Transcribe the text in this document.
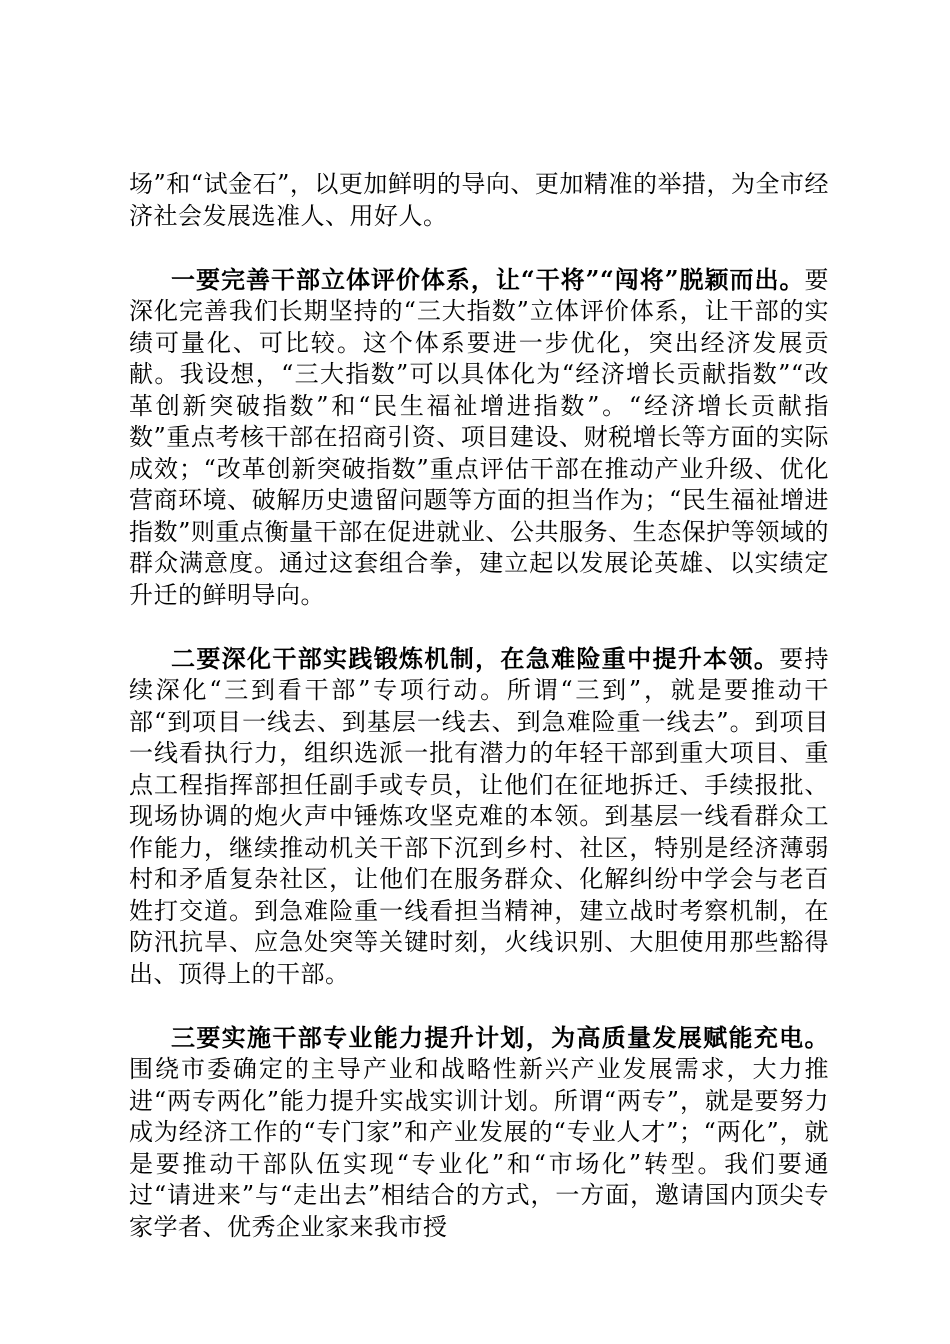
场”和“试金石”，以更加鲜明的导向、更加精准的举措，为全市经济社会发展选准人、用好人。

一要完善干部立体评价体系，让“干将”“闯将”脱颖而出。要深化完善我们长期坚持的“三大指数”立体评价体系，让干部的实绩可量化、可比较。这个体系要进一步优化，突出经济发展贡献。我设想，“三大指数”可以具体化为“经济增长贡献指数”“改革创新突破指数”和“民生福祉增进指数”。“经济增长贡献指数”重点考核干部在招商引资、项目建设、财税增长等方面的实际成效；“改革创新突破指数”重点评估干部在推动产业升级、优化营商环境、破解历史遗留问题等方面的担当作为；“民生福祉增进指数”则重点衡量干部在促进就业、公共服务、生态保护等领域的群众满意度。通过这套组合拳，建立起以发展论英雄、以实绩定升迁的鲜明导向。

二要深化干部实践锻炼机制，在急难险重中提升本领。要持续深化“三到看干部”专项行动。所谓“三到”，就是要推动干部“到项目一线去、到基层一线去、到急难险重一线去”。到项目一线看执行力，组织选派一批有潜力的年轻干部到重大项目、重点工程指挥部担任副手或专员，让他们在征地拆迁、手续报批、现场协调的炮火声中锤炼攻坚克难的本领。到基层一线看群众工作能力，继续推动机关干部下沉到乡村、社区，特别是经济薄弱村和矛盾复杂社区，让他们在服务群众、化解纠纷中学会与老百姓打交道。到急难险重一线看担当精神，建立战时考察机制，在防汛抗旱、应急处突等关键时刻，火线识别、大胆使用那些豁得出、顶得上的干部。

三要实施干部专业能力提升计划，为高质量发展赋能充电。围绕市委确定的主导产业和战略性新兴产业发展需求，大力推进“两专两化”能力提升实战实训计划。所谓“两专”，就是要努力成为经济工作的“专门家”和产业发展的“专业人才”；“两化”，就是要推动干部队伍实现“专业化”和“市场化”转型。我们要通过“请进来”与“走出去”相结合的方式，一方面，邀请国内顶尖专家学者、优秀企业家来我市授
